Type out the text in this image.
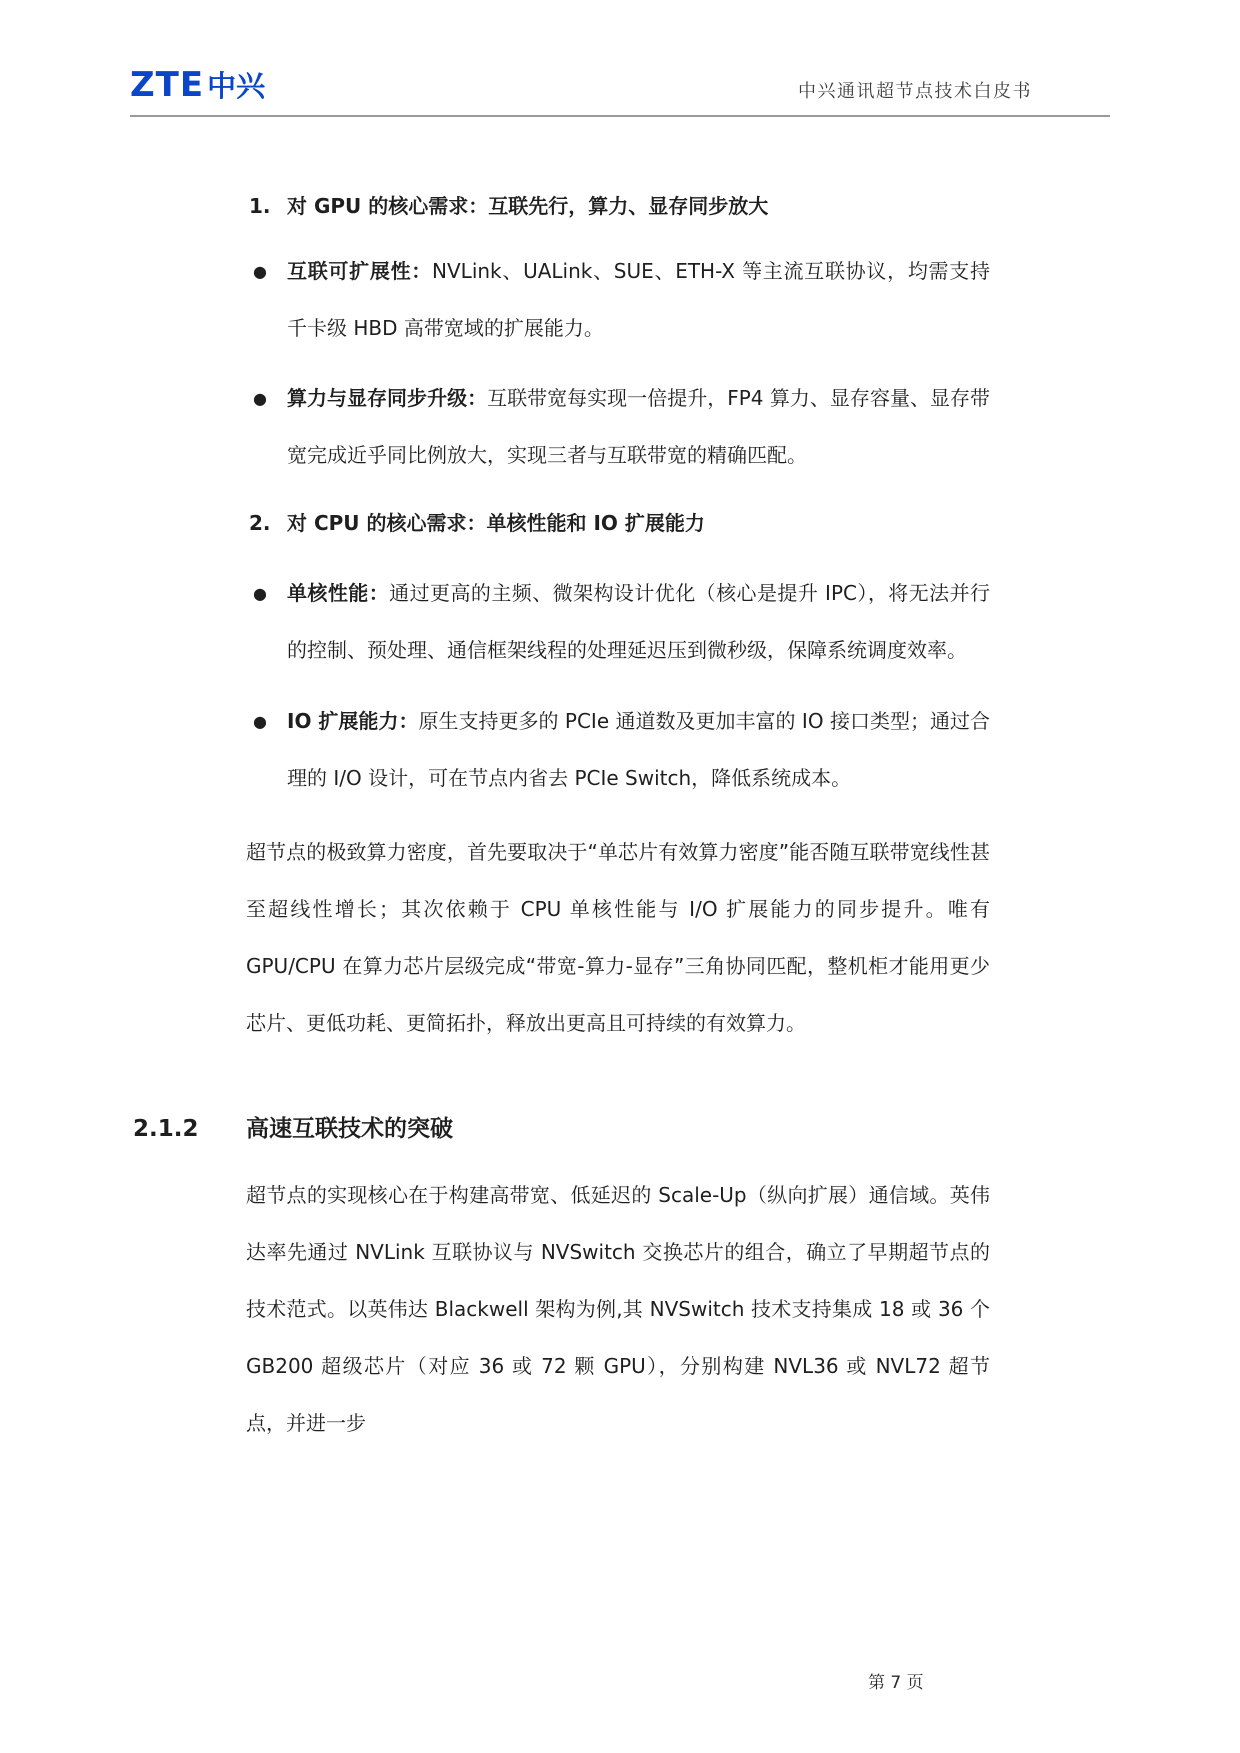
ZTE 中兴	中兴通讯超节点技术白皮书
1. 对 GPU 的核心需求：互联先行，算力、显存同步放大
● 互联可扩展性：NVLink、UALink、SUE、ETH-X 等主流互联协议，均需支持千卡级 HBD 高带宽域的扩展能力。
● 算力与显存同步升级：互联带宽每实现一倍提升，FP4 算力、显存容量、显存带宽完成近乎同比例放大，实现三者与互联带宽的精确匹配。
2. 对 CPU 的核心需求：单核性能和 IO 扩展能力
● 单核性能：通过更高的主频、微架构设计优化（核心是提升 IPC），将无法并行的控制、预处理、通信框架线程的处理延迟压到微秒级，保障系统调度效率。
● IO 扩展能力：原生支持更多的 PCIe 通道数及更加丰富的 IO 接口类型；通过合理的 I/O 设计，可在节点内省去 PCIe Switch，降低系统成本。
超节点的极致算力密度，首先要取决于“单芯片有效算力密度”能否随互联带宽线性甚至超线性增长；其次依赖于 CPU 单核性能与 I/O 扩展能力的同步提升。唯有 GPU/CPU 在算力芯片层级完成“带宽-算力-显存”三角协同匹配，整机柜才能用更少芯片、更低功耗、更简拓扑，释放出更高且可持续的有效算力。
2.1.2	高速互联技术的突破
超节点的实现核心在于构建高带宽、低延迟的 Scale-Up（纵向扩展）通信域。英伟达率先通过 NVLink 互联协议与 NVSwitch 交换芯片的组合，确立了早期超节点的技术范式。以英伟达 Blackwell 架构为例,其 NVSwitch 技术支持集成 18 或 36 个 GB200 超级芯片（对应 36 或 72 颗 GPU），分别构建 NVL36 或 NVL72 超节点，并进一步
第 7 页
